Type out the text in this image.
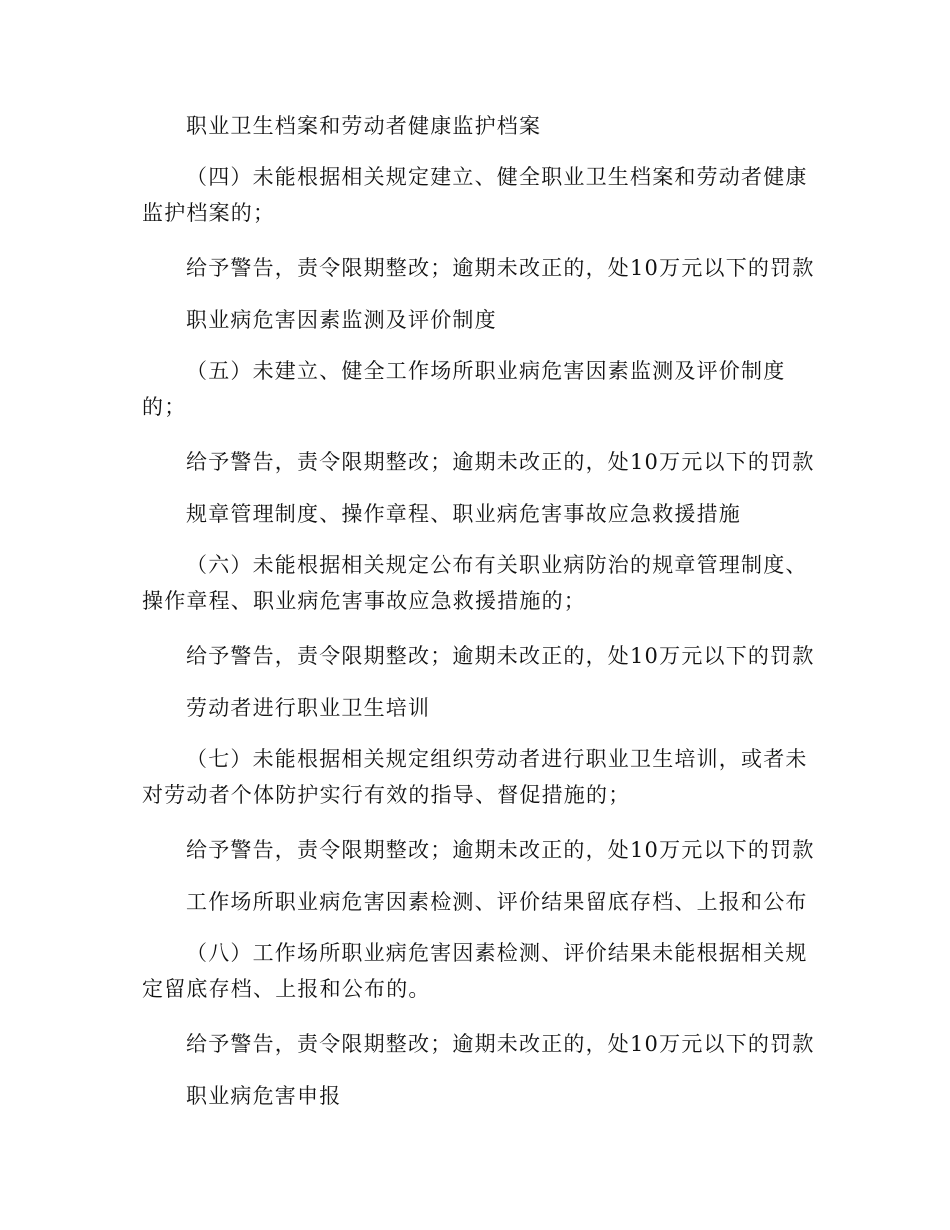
职业卫生档案和劳动者健康监护档案
（四）未能根据相关规定建立、健全职业卫生档案和劳动者健康
监护档案的；
给予警告，责令限期整改；逾期未改正的，处10万元以下的罚款
职业病危害因素监测及评价制度
（五）未建立、健全工作场所职业病危害因素监测及评价制度
的；
给予警告，责令限期整改；逾期未改正的，处10万元以下的罚款
规章管理制度、操作章程、职业病危害事故应急救援措施
（六）未能根据相关规定公布有关职业病防治的规章管理制度、
操作章程、职业病危害事故应急救援措施的；
给予警告，责令限期整改；逾期未改正的，处10万元以下的罚款
劳动者进行职业卫生培训
（七）未能根据相关规定组织劳动者进行职业卫生培训，或者未
对劳动者个体防护实行有效的指导、督促措施的；
给予警告，责令限期整改；逾期未改正的，处10万元以下的罚款
工作场所职业病危害因素检测、评价结果留底存档、上报和公布
（八）工作场所职业病危害因素检测、评价结果未能根据相关规
定留底存档、上报和公布的。
给予警告，责令限期整改；逾期未改正的，处10万元以下的罚款
职业病危害申报
